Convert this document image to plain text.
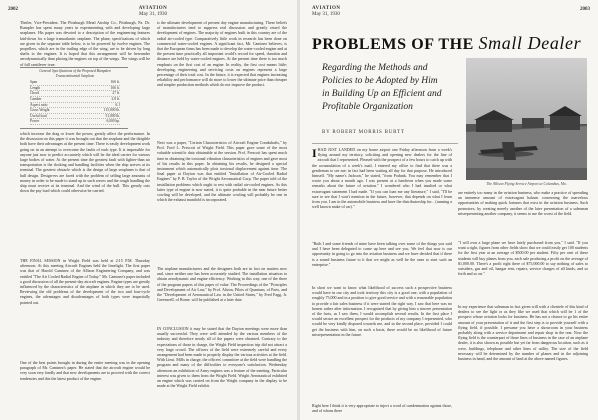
2002	AVIATION
May 31, 1930

Theiler, Vice-President. The Pittsburgh Metal Airship Co., Pittsburgh, Pa. Dr. Rumpler has spent many years in experimenting with and developing large seaplanes. His paper was devoted to a description of the engineering features laid-down for a large transatlantic seaplane. The plane, specifications of which are given in the separate table below, is to be powered by twelve engines. The propellers, which are in the trailing edge of the wing, are to be driven by long shafts to the engines. It is hoped that this arrangement will be hereunder aerodynamically than placing the engines on top of the wings. The wings will be of full cantilever type.

General Specifications of the Proposed Hampden Transcontinental Seaplane
Span	166 ft.
Length	166 ft.
Chord	27 ft.
Camber	2.8 ft.
Aspect ratio	6.1
Gross Weight	115,000 lb.
Useful load	51,000 lb.
Power	6,000 hp.

which increase the drag or lower the power, greatly affect the performance. In the discussion on this paper it was brought out that the seaplane and the dirigible both have their advantages at the present time. There is easily development work going on in an attempt to overcome the faults of each type. It is impossible for anyone just now to predict accurately which will be the ideal carrier for various large bodies of water. At the present time the greatest fault with lighter-than air transportation is the docking and handling facilities when the ship arrives at its terminal. The greatest obstacle which is the design of large seaplanes is that of hull design. Design-ers are faced with the problem of selling large amounts of money in order to be made to stand up in such waves and the rough handling the ship must receive at its terminal. And the wind of the hull. This greatly cuts down the pay load which could otherwise be carried.

THE FINAL SESSION in Wright Field was held at 2:15 P.M. Thursday afternoon. At this meeting Aircraft Engines held the limelight. The first paper was that of Harold Caminez of the Allison Engineering Company, and was entitled "The Air Cooled Radial Engine of Today." Mr. Caminez's paper included a good discussion of all the present-day aircraft engines. Engine types are greatly influenced by the characteristics of the airplane in which they are to be used. Reviewing the old problems of the development of the two and four-cycle engines, the advantages and disadvantages of both types were impartially pointed out.

One of the best points brought in during the entire meeting was in the opening paragraph of Mr. Caminez's paper. He stated that the aircraft engine would be very soon very fondly and that new developments are to proceed with the correct tendencies and this the latest product of the engine.

is the ultimate development of present day engine manufacturing. These beliefs of manufacturers tend to suppress real discussion and greatly retard the development of engines. The majority of engines built in this country are of the radial air-cooled type. Comparatively little work in research has been done on commercial water-cooled engines. A significant fact, Mr. Caminez believes, is that the European firms has been made to develop the water-cooled engine and at the present time practically all important world's record for speed, duration and distance are held by water-cooled engines. At the present time there is too much emphasis on the first cost of an engine. In reality, the first cost means little; developing, engineering and servicing costs on engines represent a large percentage of their total cost. In the future, it is expected that engines increasing reliability and performance will do more to lower the ultimate price than cheaper and simpler production methods which do not improve the product.

Next was a paper, "Certain Characteristics of Aircraft Engine Crankshafts," by Prof. Ford L. Prescott of Wright Field. This paper gave some of the most valuable scientific data obtainable at the session. Prof. Prescott has spent much time in obtaining the torsional vibration characteristics of engines and gave most of his results in this paper. In obtaining his results, he designed a special instrument which automatically plots torsional displacement against time. The final paper at Dayton was that entitled "Installation of Air-Cooled Radial Engines" by P. B. Taylor of the Wright Aeronautical Corp. The paper told of the installation problems which ought to rest with radial air-cooled engines. As this latter type of engine is now stated, it is quite probable in the near future better cowling will be developed, and the ultimate cowling will probably be one in which the exhaust manifold is incorporated.

The airplane manufacturers and the designers both are in fact on matters now and, since neither one has been accurately studied. The installation situation to obtain aerodynamic and engine efficiency. Working in this way, one of the three of the program papers of this paper of value. The Proceedings of the "Principles and Development of Air Law," by Prof. Alston, Pilots of Quantum, of Paris, and the "Development of Aeronautical Law in the United States," by Fred Fagg, Jr. Greenwell, of Rome, will be published at a later date.

IN CONCLUSION it may be stated that the Dayton meetings were more than usually successful. They were well attended by the various members of the industry and therefore nearly all of the papers were obtained. Contrary to the expectations of those in charge, the Wright Field inspection trip did not attract a very large crowd. The officers of the field were extremely careful and every arrangement had been made to properly display the various activities at the field. With Lieut. Mills in charge, the officers' committee at the field were handling the program and many of the difficulties to everyone's satisfaction. Wednesday afternoon an exhibition of Army engines was a feature of the meeting. Particular interest was given to them from the Wright Field. Wright Aeronautical exhibited an engine which was carried on from the Wright company in the display to be made at the Wright Field exhibit.

AVIATION
May 31, 1930
2003
The Allison Flying Service Airport at Columbus, Mo.
PROBLEMS OF THE Small Dealer
Regarding the Methods and Policies to be Adopted by Him in Building Up an Efficient and Profitable Organization
BY ROBERT MORRIS BURTT

IHAD JUST LANDED on my home airport one Friday afternoon from a week's flying around my territory, soliciting and opening new dealers for the line of aircraft that I represented. Pleased with the prospect of a few hours to catch up with the accumulation of a week's mail, I entered my office to find that there was a gentleman to see me; in fact had been waiting all day for that purpose. He introduced himself. "My name's Jackson," he stated, "from Podunk. You may remember that I wrote you about a month ago. I was present at a luncheon when you made some remarks about the future of aviation." I wondered who I had insulted or what extravagant statement I had made. "If you can loan me any literature," I said, "I'll be sure to see that I won't mention in the future, however, that depends on what I learn from you. I am in the automobile business and have the distributorship for... (running a well known make of car)."

"Both I and some friends of mine have been talking over some of the things you said and I have been delegated to come up here and see you. We feel that now is our opportunity in going to go into the aviation business and we have decided that if there is a sound business future to it that we might as well be the ones to start such an enterprise."

In short we want to know what likelihood of success such a prospective business would have in our city and took territory this city is a good one, with a population of roughly 75,000 and in a position to give good service and with a reasonable population to provide a fair sales business if it were started the right way. I saw that here was no honest rather after information. I recognized that by giving him a sincere presentation of the facts, as I saw them, I would accomplish several results. In the first place I would secure an excellent prospect for the products of my company I represented, who would be very kindly disposed towards me, and in the second place, provided I could get the business with him, on such a basis, there would be no likelihood of future misrepresentation in the future.

Right here I think it is very appropriate to inject a word of condemnation against those, and of whom there

are entirely too many in the aviation business, who make a practice of spreading an immense amount of extravagant hokum concerning the marvelous opportunities of making quick fortunes that exist in the aviation business. Such promotors, by creating merely another of the later presentation of a salesman misrepresenting another company, it seems to me the worst of the field.

"I will own a large plane we have lately purchased from you," I said. "If you want a right, figures from other fields show that we could easily get 100 students for the first year at an average of $500.00 per student. Fifty per cent of these students will buy planes from you, each sale producing a profit on the average of $1,000.00. There's a profit right there of $75,000.00 to say nothing of sales to outsiders, gas and oil, hangar rent, repairs, service charges of all kinds, and so forth and so on."

In my experience that salesman in fact given will with a clientele of this kind of dealers to see the light or as they like we used that which will be 1 of the prospect whose aviation looks for business. He has not a chance to go his entire amount of your presentation of it and the first step is to provide yourself with a flying field, if possible. I presume you have a showroom in your business probably along with a service department and repair shop in the rear. Now the flying field is the counterpart of those lines of business in the case of an airplane dealer, it is also shown as possible but yet far from dangerous location, such as it were, buildings, telephone and other lines of utility. The size of the field necessary will be determined by the number of planes and in the adjoining business in hand, and the amount of land at the above named figures.
